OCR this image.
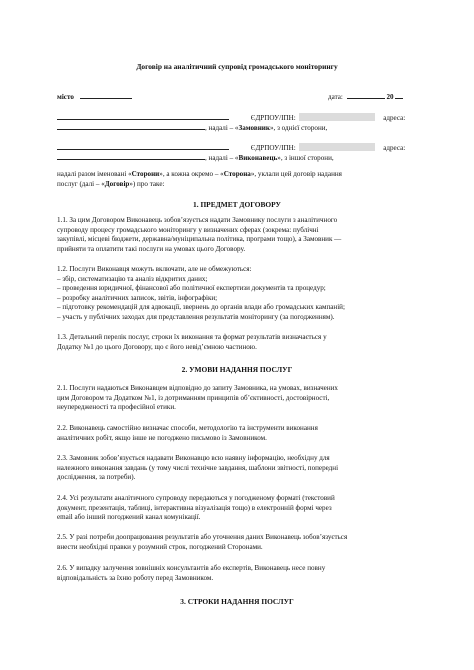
Договір на аналітичний супровід громадського моніторингу
місто	дата:	20
ЄДРПОУ/ІПН:	адреса:
, надалі – «Замовник», з однієї сторони,
ЄДРПОУ/ІПН:	адреса:
, надалі – «Виконавець», з іншої сторони,
надалі разом іменовані «Сторони», а кожна окремо – «Сторона», уклали цей договір надання
послуг (далі – «Договір») про таке:
1. ПРЕДМЕТ ДОГОВОРУ
1.1. За цим Договором Виконавець зобов’язується надати Замовнику послуги з аналітичного
супроводу процесу громадського моніторингу у визначених сферах (зокрема: публічні
закупівлі, місцеві бюджети, державна/муніципальна політика, програми тощо), а Замовник —
прийняти та оплатити такі послуги на умовах цього Договору.
1.2. Послуги Виконавця можуть включати, але не обмежуються:
– збір, систематизацію та аналіз відкритих даних;
– проведення юридичної, фінансової або політичної експертизи документів та процедур;
– розробку аналітичних записок, звітів, інфографіки;
– підготовку рекомендацій для адвокації, звернень до органів влади або громадських кампаній;
– участь у публічних заходах для представлення результатів моніторингу (за погодженням).
1.3. Детальний перелік послуг, строки їх виконання та формат результатів визначається у
Додатку №1 до цього Договору, що є його невід’ємною частиною.
2. УМОВИ НАДАННЯ ПОСЛУГ
2.1. Послуги надаються Виконавцем відповідно до запиту Замовника, на умовах, визначених
цим Договором та Додатком №1, із дотриманням принципів об’єктивності, достовірності,
неупередженості та професійної етики.
2.2. Виконавець самостійно визначає способи, методологію та інструменти виконання
аналітичних робіт, якщо інше не погоджено письмово із Замовником.
2.3. Замовник зобов’язується надавати Виконавцю всю наявну інформацію, необхідну для
належного виконання завдань (у тому числі технічне завдання, шаблони звітності, попередні
дослідження, за потреби).
2.4. Усі результати аналітичного супроводу передаються у погодженому форматі (текстовий
документ, презентація, таблиці, інтерактивна візуалізація тощо) в електронній формі через
email або інший погоджений канал комунікації.
2.5. У разі потреби доопрацювання результатів або уточнення даних Виконавець зобов’язується
внести необхідні правки у розумний строк, погоджений Сторонами.
2.6. У випадку залучення зовнішніх консультантів або експертів, Виконавець несе повну
відповідальність за їхню роботу перед Замовником.
3. СТРОКИ НАДАННЯ ПОСЛУГ
